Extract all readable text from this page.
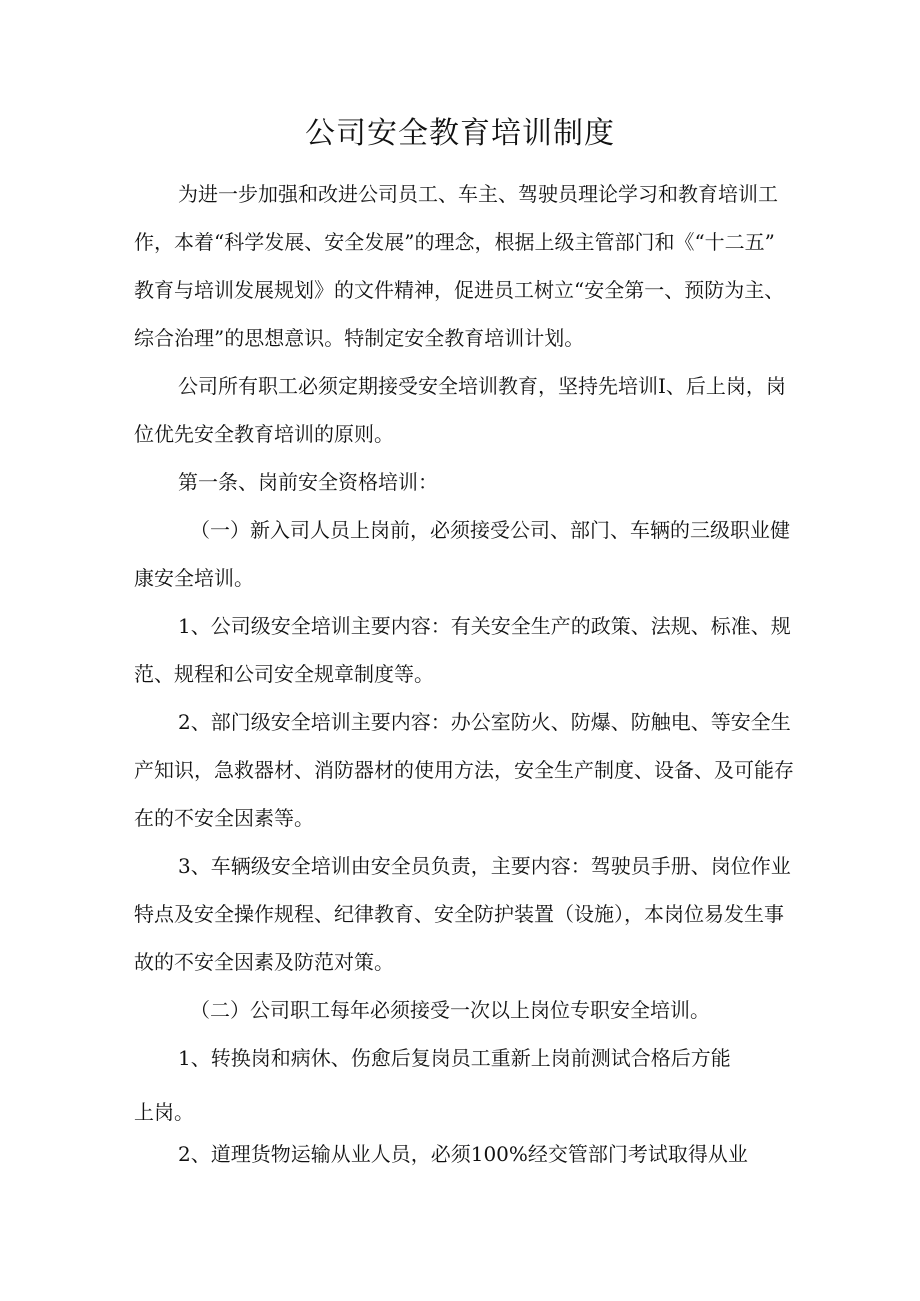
公司安全教育培训制度
为进一步加强和改进公司员工、车主、驾驶员理论学习和教育培训工
作，本着“科学发展、安全发展”的理念，根据上级主管部门和《“十二五”
教育与培训发展规划》的文件精神，促进员工树立“安全第一、预防为主、
综合治理”的思想意识。特制定安全教育培训计划。
公司所有职工必须定期接受安全培训教育，坚持先培训I、后上岗，岗
位优先安全教育培训的原则。
第一条、岗前安全资格培训：
（一）新入司人员上岗前，必须接受公司、部门、车辆的三级职业健
康安全培训。
1、公司级安全培训主要内容：有关安全生产的政策、法规、标准、规
范、规程和公司安全规章制度等。
2、部门级安全培训主要内容：办公室防火、防爆、防触电、等安全生
产知识，急救器材、消防器材的使用方法，安全生产制度、设备、及可能存
在的不安全因素等。
3、车辆级安全培训由安全员负责，主要内容：驾驶员手册、岗位作业
特点及安全操作规程、纪律教育、安全防护装置（设施），本岗位易发生事
故的不安全因素及防范对策。
（二）公司职工每年必须接受一次以上岗位专职安全培训。
1、转换岗和病休、伤愈后复岗员工重新上岗前测试合格后方能
上岗。
2、道理货物运输从业人员，必须100%经交管部门考试取得从业
